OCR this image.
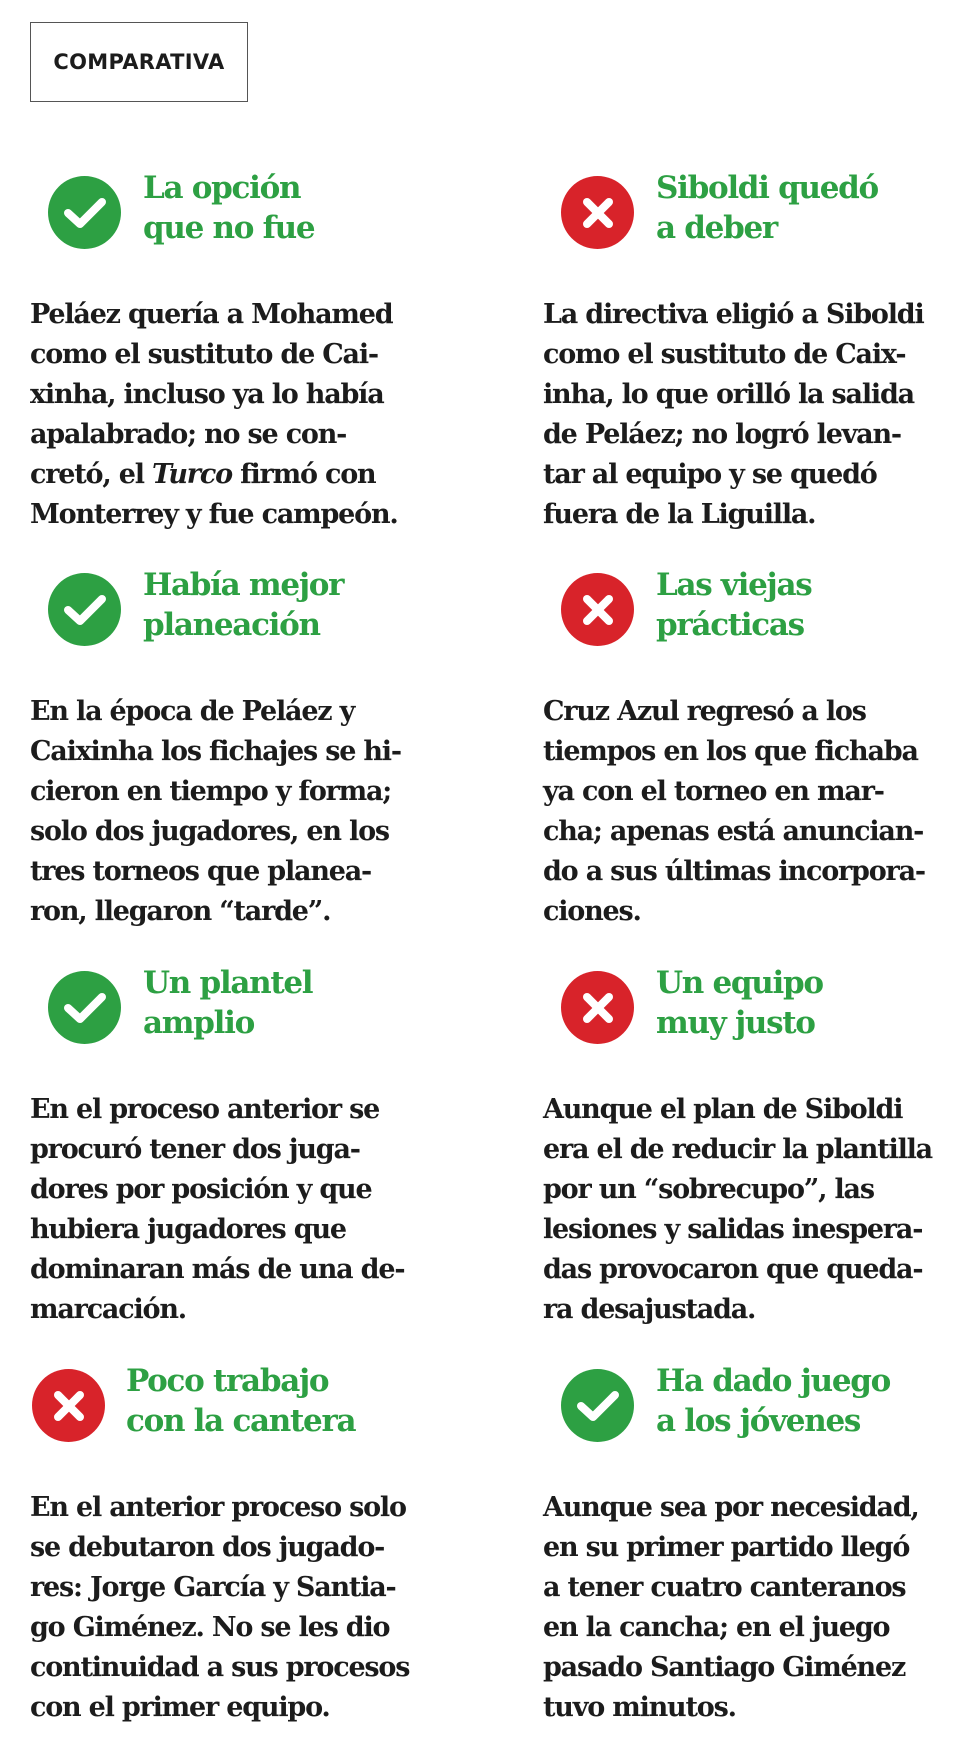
COMPARATIVA
La opción
que no fue
Peláez quería a Mohamed
como el sustituto de Cai-
xinha, incluso ya lo había
apalabrado; no se con-
cretó, el Turco firmó con
Monterrey y fue campeón.
Siboldi quedó
a deber
La directiva eligió a Siboldi
como el sustituto de Caix-
inha, lo que orilló la salida
de Peláez; no logró levan-
tar al equipo y se quedó
fuera de la Liguilla.
Había mejor
planeación
En la época de Peláez y
Caixinha los fichajes se hi-
cieron en tiempo y forma;
solo dos jugadores, en los
tres torneos que planea-
ron, llegaron “tarde”.
Las viejas
prácticas
Cruz Azul regresó a los
tiempos en los que fichaba
ya con el torneo en mar-
cha; apenas está anuncian-
do a sus últimas incorpora-
ciones.
Un plantel
amplio
En el proceso anterior se
procuró tener dos juga-
dores por posición y que
hubiera jugadores que
dominaran más de una de-
marcación.
Un equipo
muy justo
Aunque el plan de Siboldi
era el de reducir la plantilla
por un “sobrecupo”, las
lesiones y salidas inespera-
das provocaron que queda-
ra desajustada.
Poco trabajo
con la cantera
En el anterior proceso solo
se debutaron dos jugado-
res: Jorge García y Santia-
go Giménez. No se les dio
continuidad a sus procesos
con el primer equipo.
Ha dado juego
a los jóvenes
Aunque sea por necesidad,
en su primer partido llegó
a tener cuatro canteranos
en la cancha; en el juego
pasado Santiago Giménez
tuvo minutos.
